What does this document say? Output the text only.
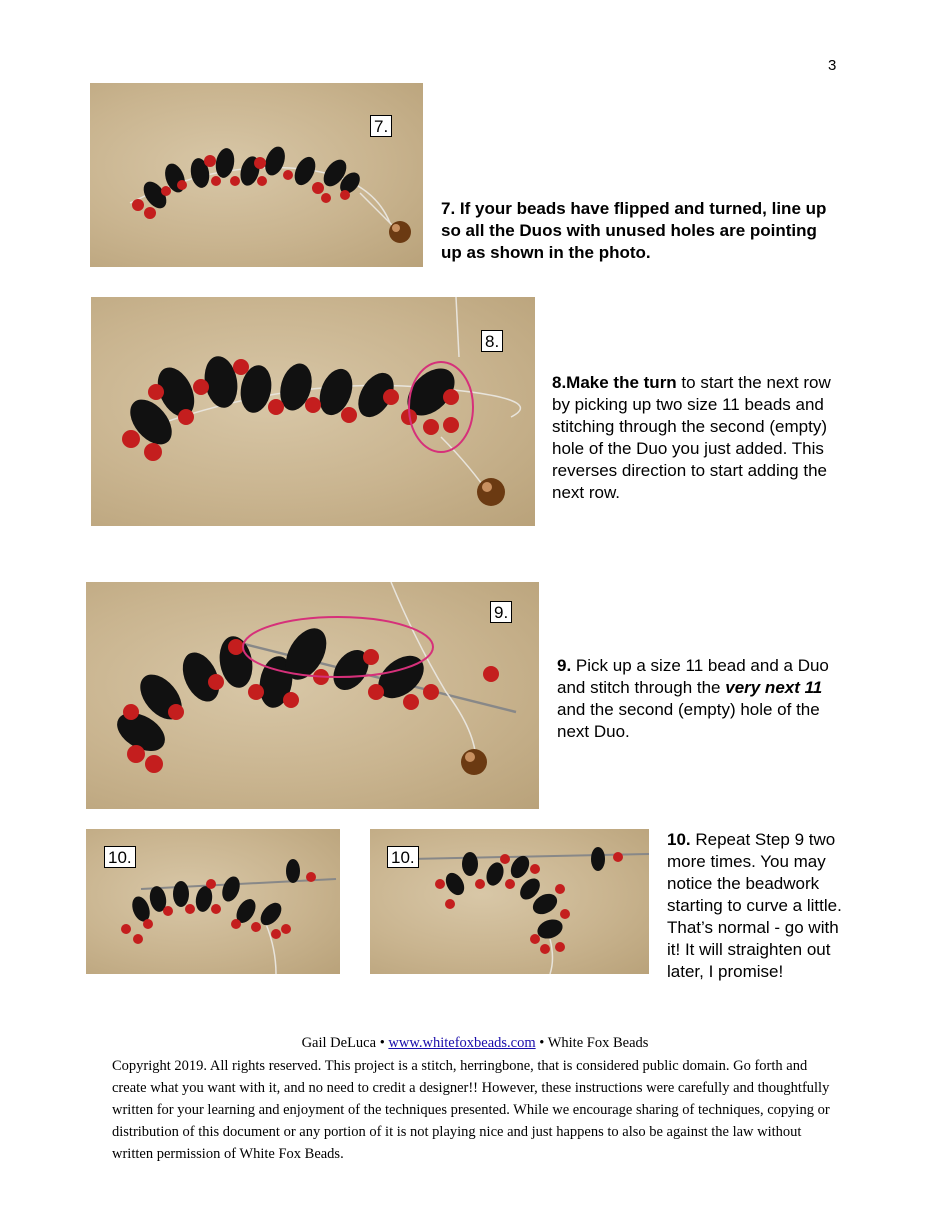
3
7.
7. If your beads have flipped and turned, line up so all the Duos with unused holes are pointing up as shown in the photo.
8.
8.Make the turn to start the next row by picking up two size 11 beads and stitching through the second (empty) hole of the Duo you just added. This reverses direction to start adding the next row.
9.
9. Pick up a size 11 bead and a Duo and stitch through the very next 11 and the second (empty) hole of the next Duo.
10.	10.
10. Repeat Step 9 two more times. You may notice the beadwork starting to curve a little. That’s normal - go with it! It will straighten out later, I promise!
Gail DeLuca • www.whitefoxbeads.com • White Fox Beads
Copyright 2019. All rights reserved. This project is a stitch, herringbone, that is considered public domain. Go forth and create what you want with it, and no need to credit a designer!! However, these instructions were carefully and thoughtfully written for your learning and enjoyment of the techniques presented. While we encourage sharing of techniques, copying or distribution of this document or any portion of it is not playing nice and just happens to also be against the law without written permission of White Fox Beads.
